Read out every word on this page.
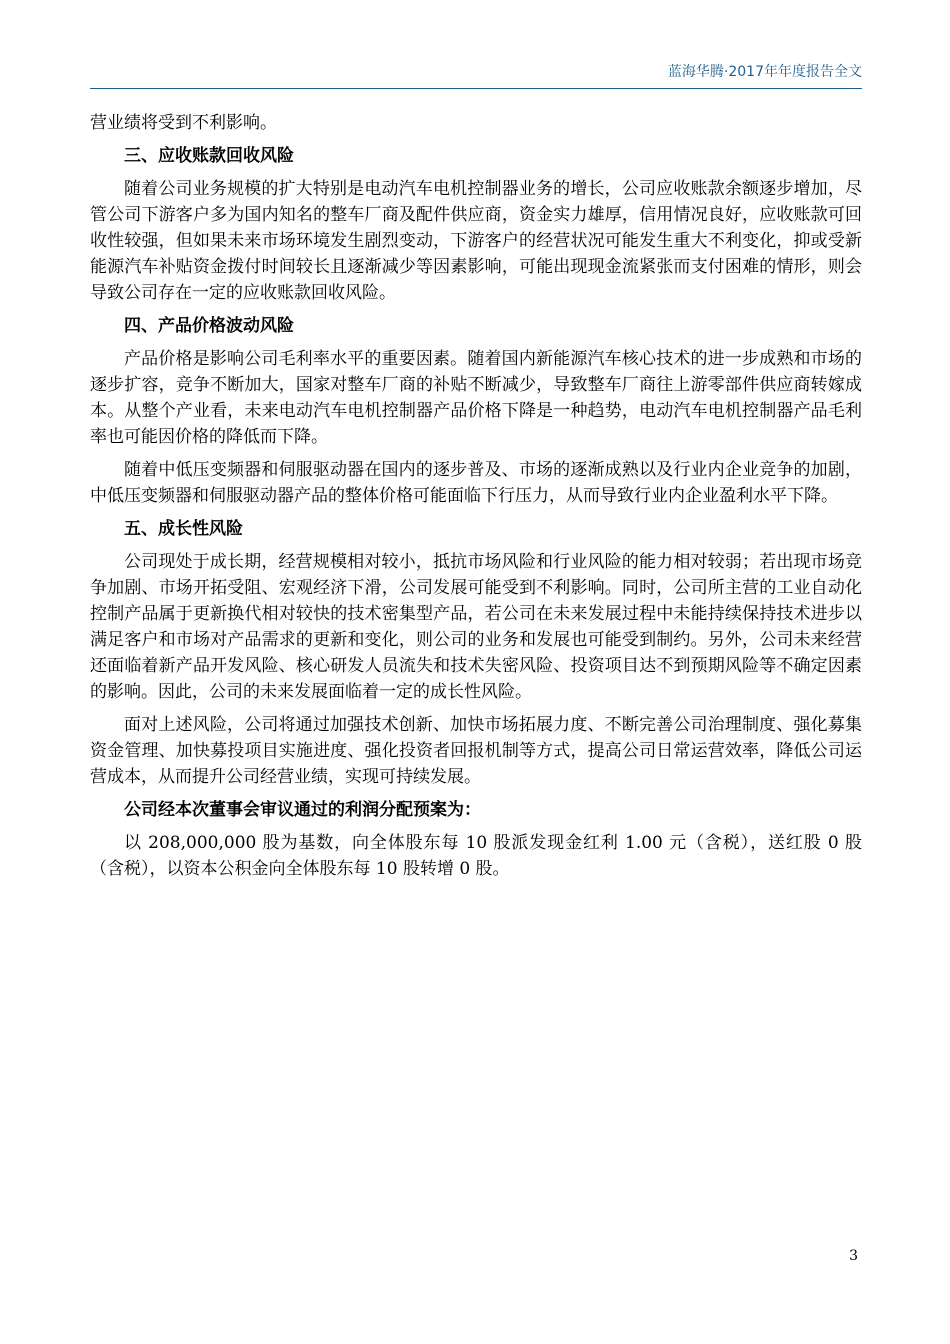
蓝海华腾·2017年年度报告全文

营业绩将受到不利影响。

三、应收账款回收风险

随着公司业务规模的扩大特别是电动汽车电机控制器业务的增长，公司应收账款余额逐步增加，尽管公司下游客户多为国内知名的整车厂商及配件供应商，资金实力雄厚，信用情况良好，应收账款可回收性较强，但如果未来市场环境发生剧烈变动，下游客户的经营状况可能发生重大不利变化，抑或受新能源汽车补贴资金拨付时间较长且逐渐减少等因素影响，可能出现现金流紧张而支付困难的情形，则会导致公司存在一定的应收账款回收风险。

四、产品价格波动风险

产品价格是影响公司毛利率水平的重要因素。随着国内新能源汽车核心技术的进一步成熟和市场的逐步扩容，竞争不断加大，国家对整车厂商的补贴不断减少，导致整车厂商往上游零部件供应商转嫁成本。从整个产业看，未来电动汽车电机控制器产品价格下降是一种趋势，电动汽车电机控制器产品毛利率也可能因价格的降低而下降。

随着中低压变频器和伺服驱动器在国内的逐步普及、市场的逐渐成熟以及行业内企业竞争的加剧，中低压变频器和伺服驱动器产品的整体价格可能面临下行压力，从而导致行业内企业盈利水平下降。

五、成长性风险

公司现处于成长期，经营规模相对较小，抵抗市场风险和行业风险的能力相对较弱；若出现市场竞争加剧、市场开拓受阻、宏观经济下滑，公司发展可能受到不利影响。同时，公司所主营的工业自动化控制产品属于更新换代相对较快的技术密集型产品，若公司在未来发展过程中未能持续保持技术进步以满足客户和市场对产品需求的更新和变化，则公司的业务和发展也可能受到制约。另外，公司未来经营还面临着新产品开发风险、核心研发人员流失和技术失密风险、投资项目达不到预期风险等不确定因素的影响。因此，公司的未来发展面临着一定的成长性风险。

面对上述风险，公司将通过加强技术创新、加快市场拓展力度、不断完善公司治理制度、强化募集资金管理、加快募投项目实施进度、强化投资者回报机制等方式，提高公司日常运营效率，降低公司运营成本，从而提升公司经营业绩，实现可持续发展。

公司经本次董事会审议通过的利润分配预案为：

以 208,000,000 股为基数，向全体股东每 10 股派发现金红利 1.00 元（含税），送红股 0 股（含税），以资本公积金向全体股东每 10 股转增 0 股。

3
